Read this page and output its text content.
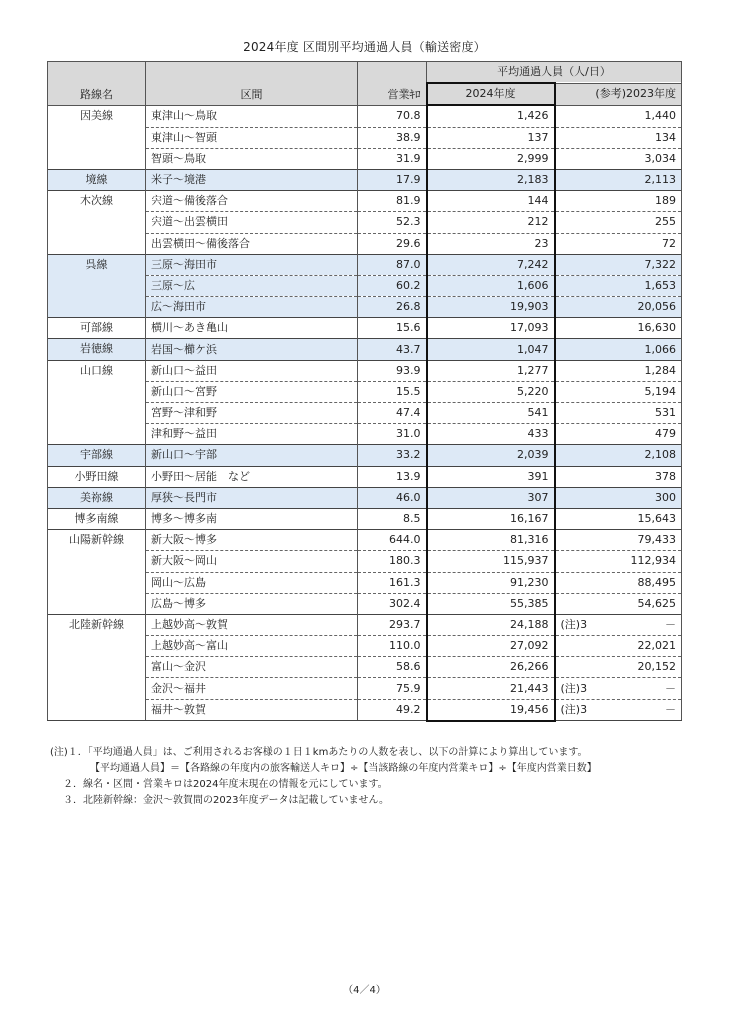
2024年度 区間別平均通過人員（輸送密度）
路線名	区間	営業ｷﾛ	平均通過人員（人/日）	
			2024年度	(参考)2023年度
因美線	東津山～鳥取	70.8	1,426	1,440
	東津山～智頭	38.9	137	134
	智頭～鳥取	31.9	2,999	3,034
境線	米子～境港	17.9	2,183	2,113
木次線	宍道～備後落合	81.9	144	189
	宍道～出雲横田	52.3	212	255
	出雲横田～備後落合	29.6	23	72
呉線	三原～海田市	87.0	7,242	7,322
	三原～広	60.2	1,606	1,653
	広～海田市	26.8	19,903	20,056
可部線	横川～あき亀山	15.6	17,093	16,630
岩徳線	岩国～櫛ケ浜	43.7	1,047	1,066
山口線	新山口～益田	93.9	1,277	1,284
	新山口～宮野	15.5	5,220	5,194
	宮野～津和野	47.4	541	531
	津和野～益田	31.0	433	479
宇部線	新山口～宇部	33.2	2,039	2,108
小野田線	小野田～居能　など	13.9	391	378
美祢線	厚狭～長門市	46.0	307	300
博多南線	博多～博多南	8.5	16,167	15,643
山陽新幹線	新大阪～博多	644.0	81,316	79,433
	新大阪～岡山	180.3	115,937	112,934
	岡山～広島	161.3	91,230	88,495
	広島～博多	302.4	55,385	54,625
北陸新幹線	上越妙高～敦賀	293.7	24,188	(注)3 －
	上越妙高～富山	110.0	27,092	22,021
	富山～金沢	58.6	26,266	20,152
	金沢～福井	75.9	21,443	(注)3 －
	福井～敦賀	49.2	19,456	(注)3 －
(注)１．「平均通過人員」は、ご利用されるお客様の１日１kmあたりの人数を表し、以下の計算により算出しています。
【平均通過人員】＝【各路線の年度内の旅客輸送人キロ】÷【当該路線の年度内営業キロ】÷【年度内営業日数】
２．線名・区間・営業キロは2024年度末現在の情報を元にしています。
３．北陸新幹線：金沢～敦賀間の2023年度データは記載していません。
（4／4）
